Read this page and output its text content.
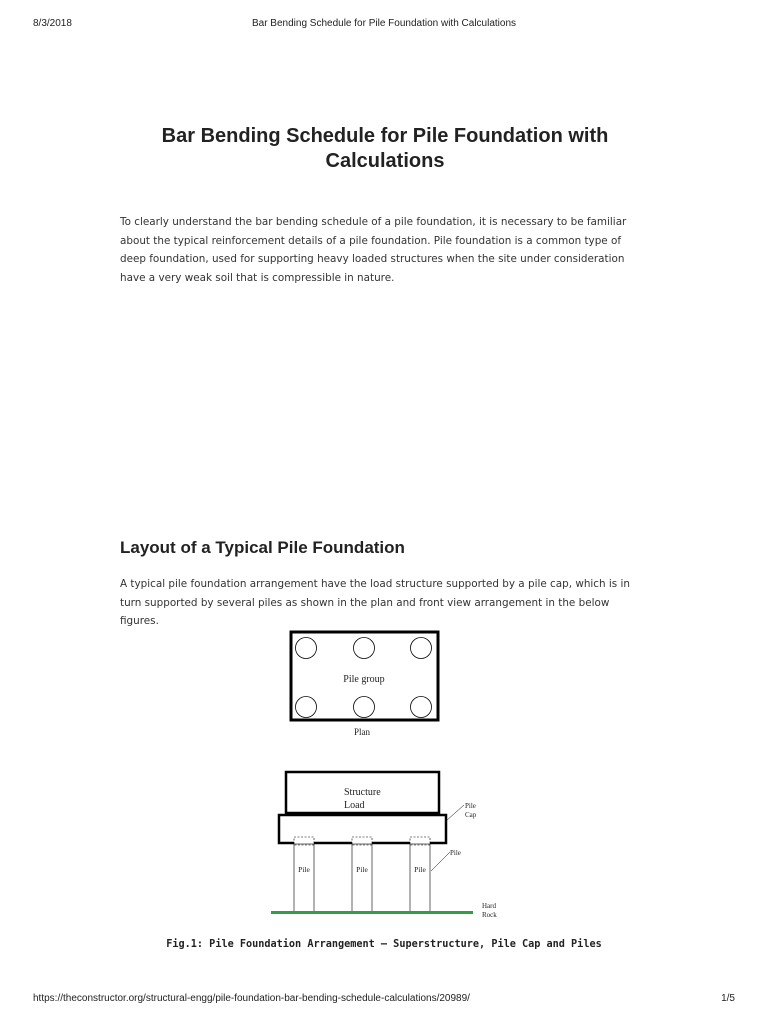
8/3/2018	Bar Bending Schedule for Pile Foundation with Calculations
Bar Bending Schedule for Pile Foundation with Calculations

To clearly understand the bar bending schedule of a pile foundation, it is necessary to be familiar about the typical reinforcement details of a pile foundation. Pile foundation is a common type of deep foundation, used for supporting heavy loaded structures when the site under consideration have a very weak soil that is compressible in nature.

Layout of a Typical Pile Foundation

A typical pile foundation arrangement have the load structure supported by a pile cap, which is in turn supported by several piles as shown in the plan and front view arrangement in the below figures.

Pile group
Plan
Structure
Load
Pile	Pile	Pile
Pile
Cap
Pile
Hard
Rock
Fig.1: Pile Foundation Arrangement – Superstructure, Pile Cap and Piles
https://theconstructor.org/structural-engg/pile-foundation-bar-bending-schedule-calculations/20989/	1/5
